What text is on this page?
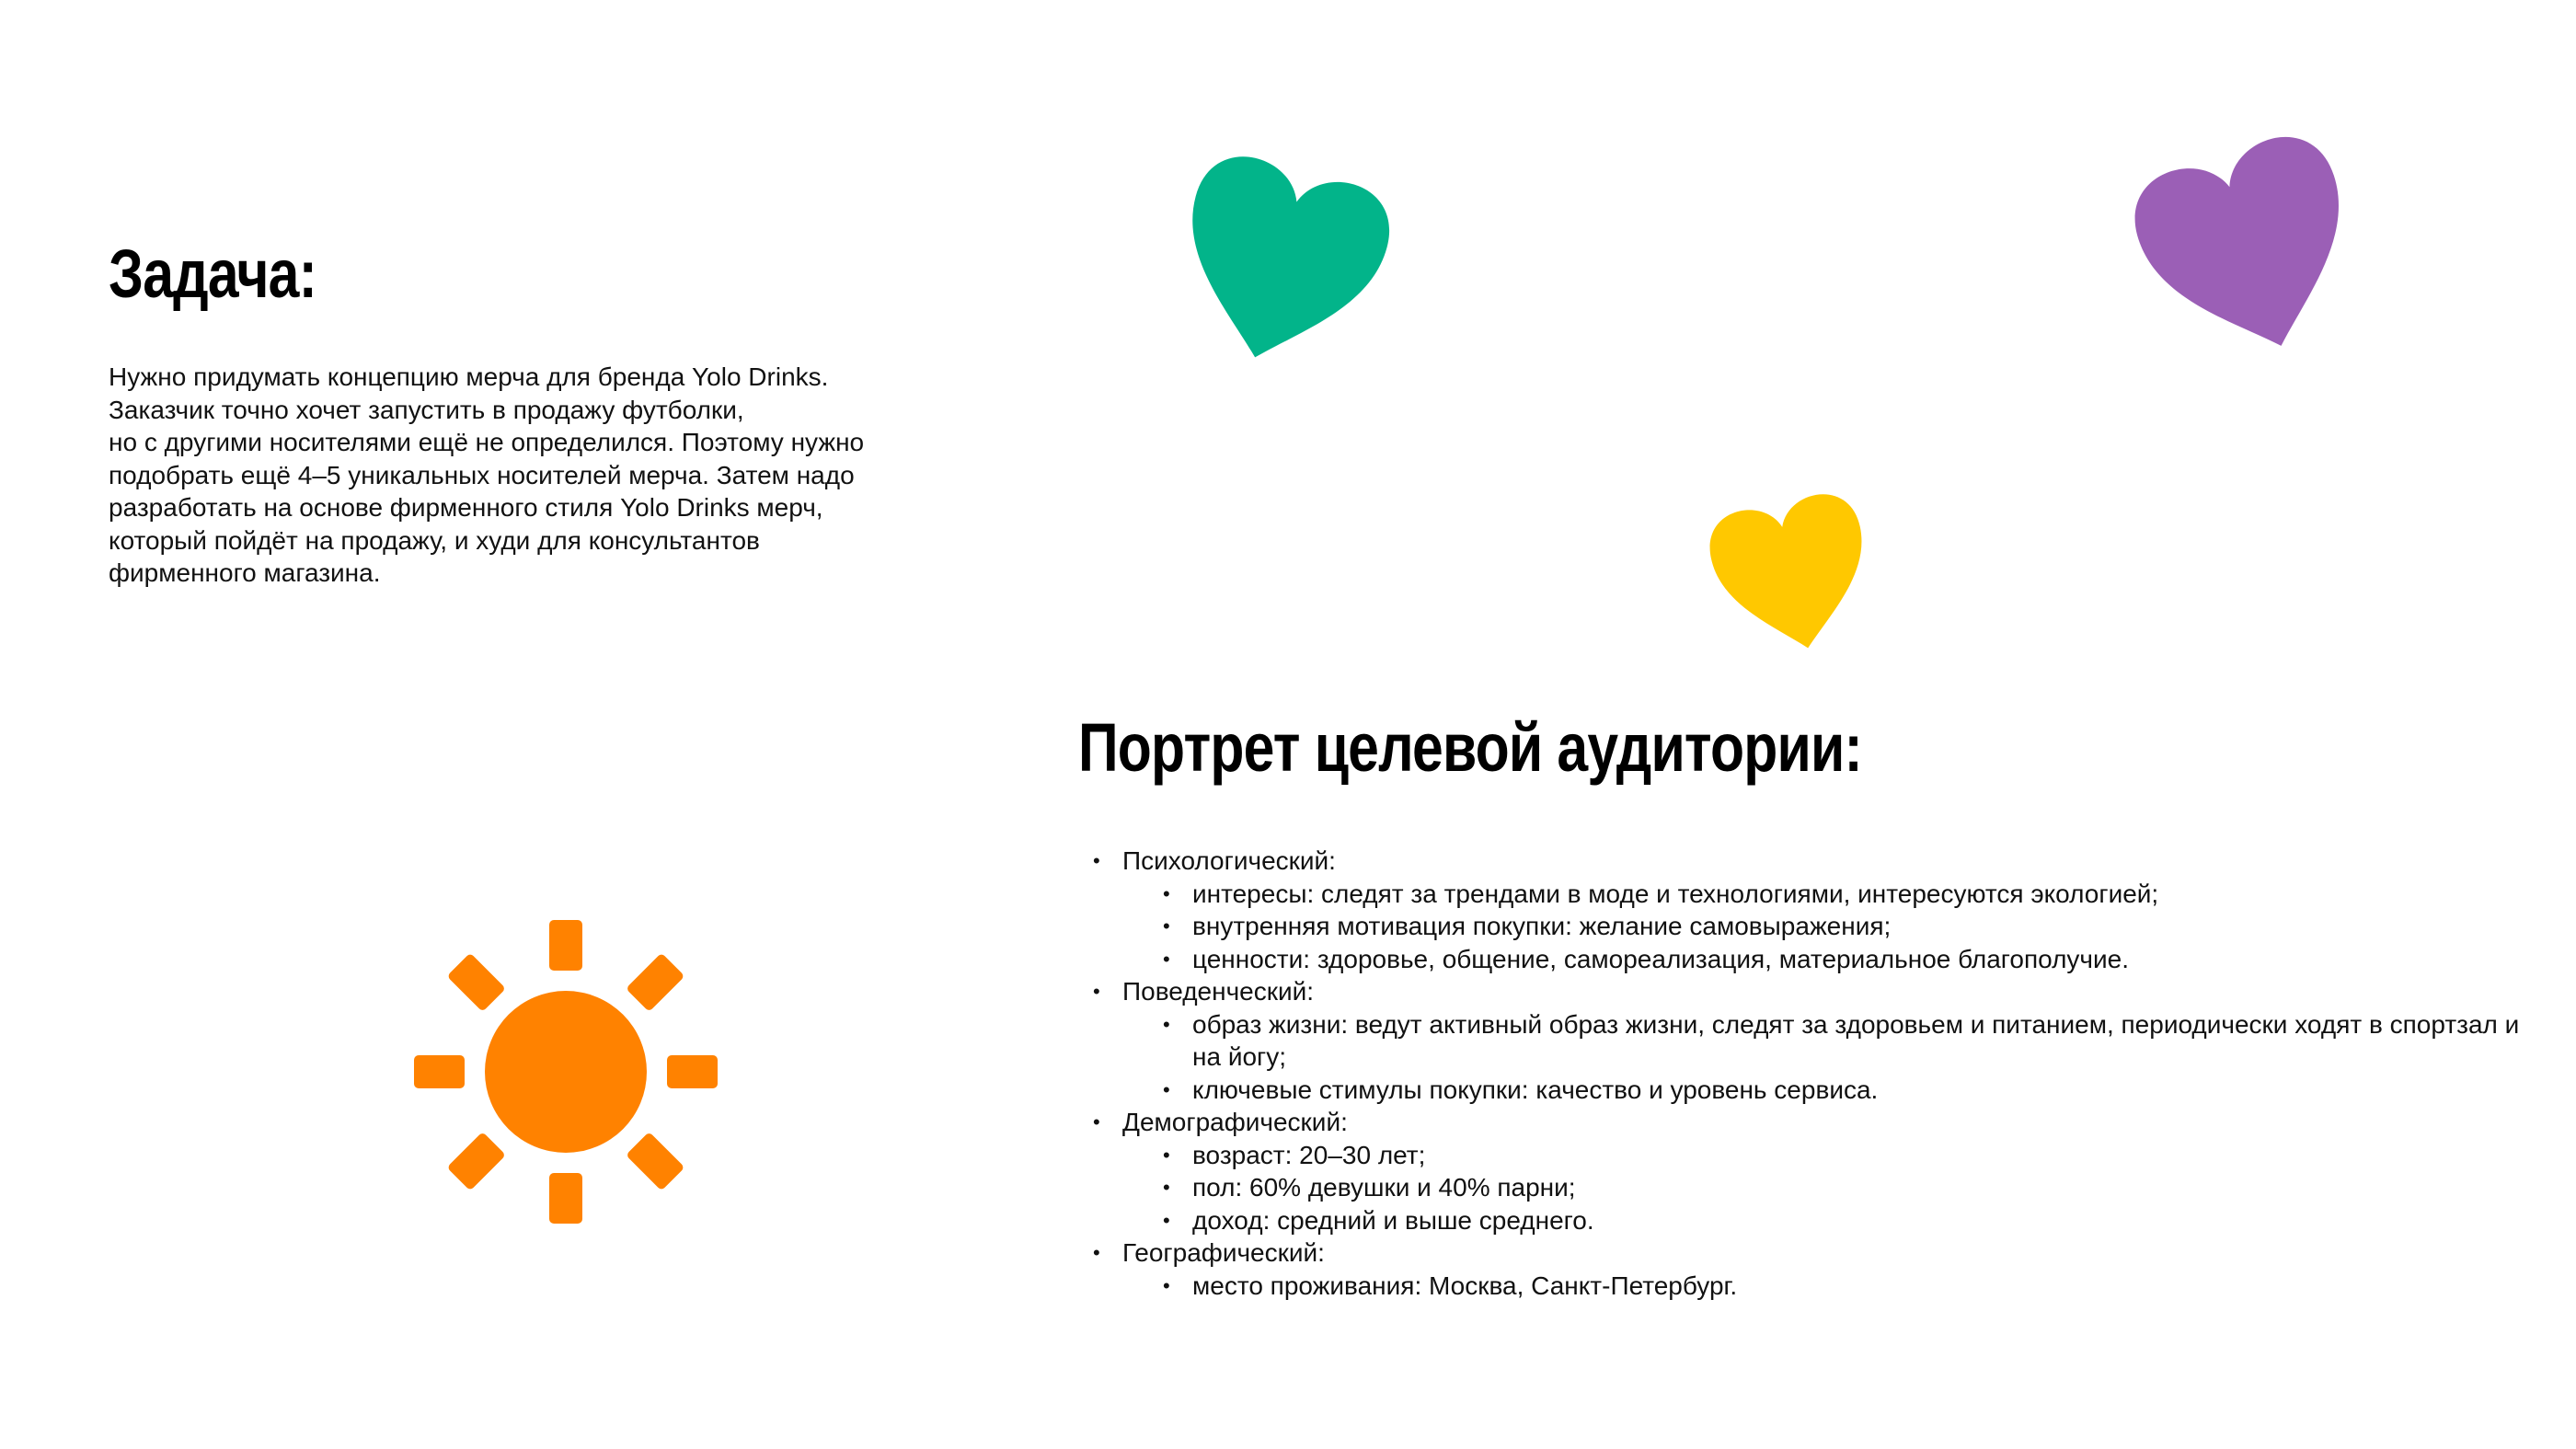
Задача:

Нужно придумать концепцию мерча для бренда Yolo Drinks.
Заказчик точно хочет запустить в продажу футболки,
но с другими носителями ещё не определился. Поэтому нужно
подобрать ещё 4–5 уникальных носителей мерча. Затем надо
разработать на основе фирменного стиля Yolo Drinks мерч,
который пойдёт на продажу, и худи для консультантов
фирменного магазина.

Портрет целевой аудитории:
• Психологический:
• интересы: следят за трендами в моде и технологиями, интересуются экологией;
• внутренняя мотивация покупки: желание самовыражения;
• ценности: здоровье, общение, самореализация, материальное благополучие.
• Поведенческий:
• образ жизни: ведут активный образ жизни, следят за здоровьем и питанием, периодически ходят в спортзал и на йогу;
• ключевые стимулы покупки: качество и уровень сервиса.
• Демографический:
• возраст: 20–30 лет;
• пол: 60% девушки и 40% парни;
• доход: средний и выше среднего.
• Географический:
• место проживания: Москва, Санкт-Петербург.
